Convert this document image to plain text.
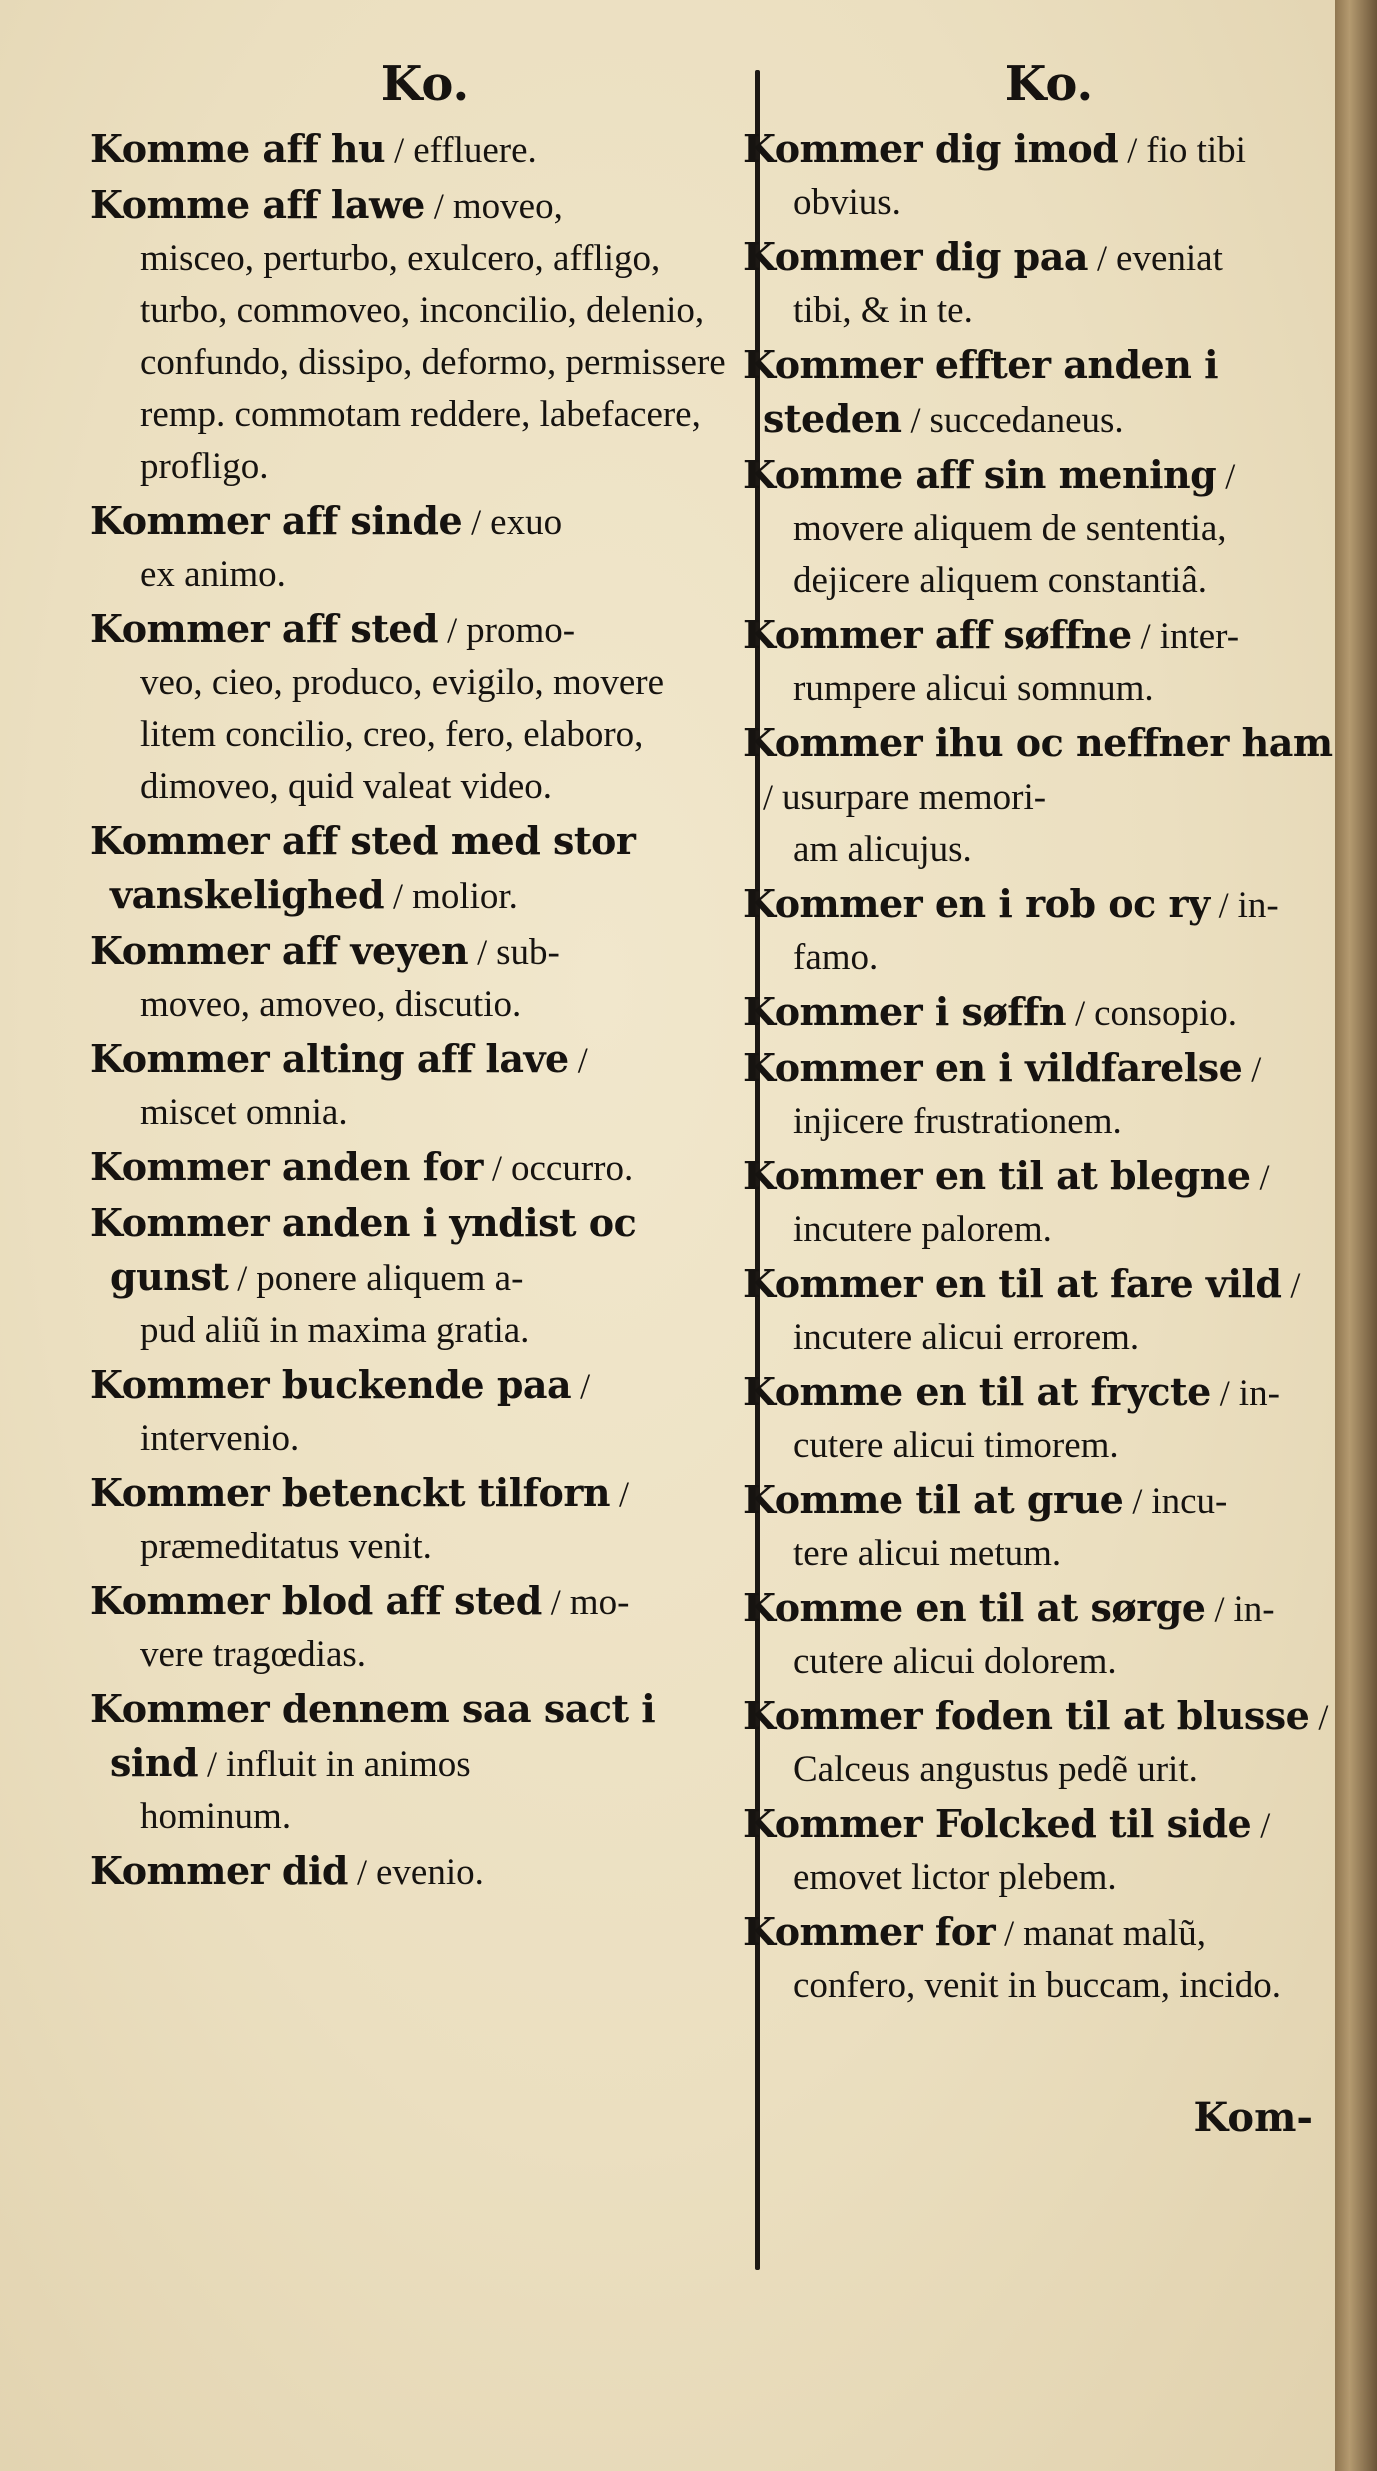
Ko.
Komme aff hu / effluere.
Komme aff lawe / moveo,
misceo, perturbo, exulcero, affligo, turbo, commoveo, inconcilio, delenio, confundo, dissipo, deformo, permissere remp. commotam reddere, labefacere, profligo.
Kommer aff sinde / exuo
ex animo.
Kommer aff sted / promo-
veo, cieo, produco, evigilo, movere litem concilio, creo, fero, elaboro, dimoveo, quid valeat video.
Kommer aff sted med stor vanskelighed / molior.
Kommer aff veyen / sub-
moveo, amoveo, discutio.
Kommer alting aff lave /
miscet omnia.
Kommer anden for / occurro.
Kommer anden i yndist oc gunst / ponere aliquem a-
pud aliũ in maxima gratia.
Kommer buckende paa /
intervenio.
Kommer betenckt tilforn /
præmeditatus venit.
Kommer blod aff sted / mo-
vere tragœdias.
Kommer dennem saa sact i sind / influit in animos
hominum.
Kommer did / evenio.
Ko.
Kommer dig imod / fio tibi
obvius.
Kommer dig paa / eveniat
tibi, & in te.
Kommer effter anden i steden / succedaneus.
Komme aff sin mening /
movere aliquem de sententia, dejicere aliquem constantiâ.
Kommer aff søffne / inter-
rumpere alicui somnum.
Kommer ihu oc neffner ham / usurpare memori-
am alicujus.
Kommer en i rob oc ry / in-
famo.
Kommer i søffn / consopio.
Kommer en i vildfarelse /
injicere frustrationem.
Kommer en til at blegne /
incutere palorem.
Kommer en til at fare vild /
incutere alicui errorem.
Komme en til at frycte / in-
cutere alicui timorem.
Komme til at grue / incu-
tere alicui metum.
Komme en til at sørge / in-
cutere alicui dolorem.
Kommer foden til at blusse /
Calceus angustus pedẽ urit.
Kommer Folcked til side /
emovet lictor plebem.
Kommer for / manat malũ,
confero, venit in buccam, incido.
Kom-
